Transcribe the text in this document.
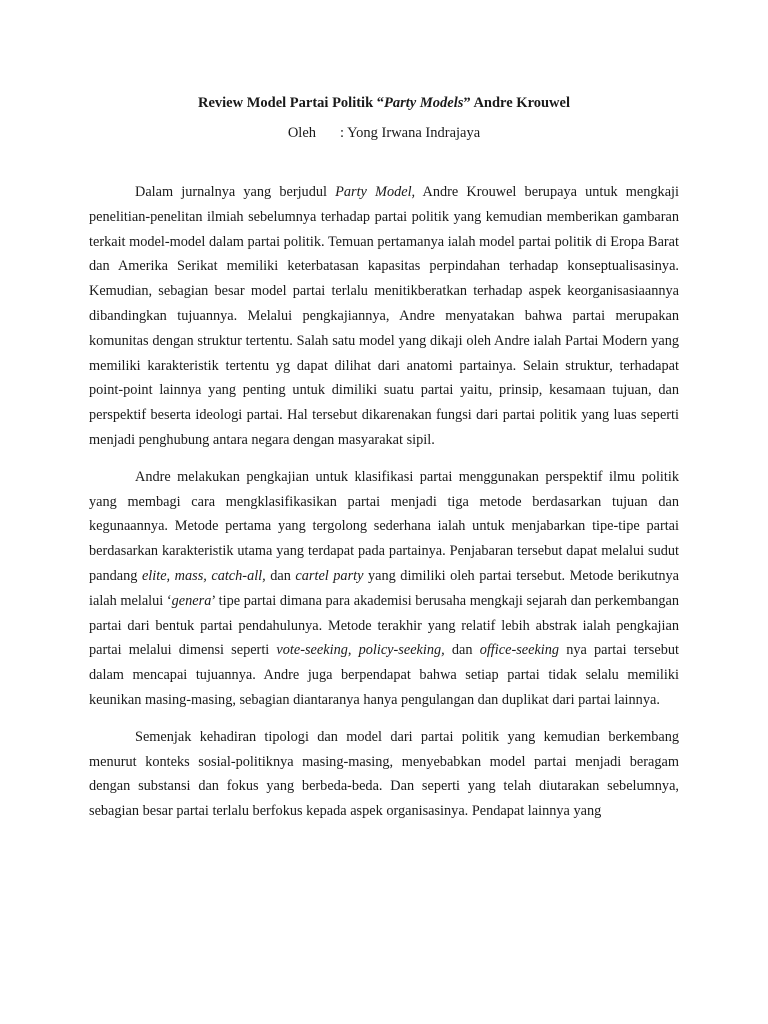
Review Model Partai Politik “Party Models” Andre Krouwel
Oleh : Yong Irwana Indrajaya

Dalam jurnalnya yang berjudul Party Model, Andre Krouwel berupaya untuk mengkaji penelitian-penelitan ilmiah sebelumnya terhadap partai politik yang kemudian memberikan gambaran terkait model-model dalam partai politik. Temuan pertamanya ialah model partai politik di Eropa Barat dan Amerika Serikat memiliki keterbatasan kapasitas perpindahan terhadap konseptualisasinya. Kemudian, sebagian besar model partai terlalu menitikberatkan terhadap aspek keorganisasiaannya dibandingkan tujuannya. Melalui pengkajiannya, Andre menyatakan bahwa partai merupakan komunitas dengan struktur tertentu. Salah satu model yang dikaji oleh Andre ialah Partai Modern yang memiliki karakteristik tertentu yg dapat dilihat dari anatomi partainya. Selain struktur, terhadapat point-point lainnya yang penting untuk dimiliki suatu partai yaitu, prinsip, kesamaan tujuan, dan perspektif beserta ideologi partai. Hal tersebut dikarenakan fungsi dari partai politik yang luas seperti menjadi penghubung antara negara dengan masyarakat sipil.

Andre melakukan pengkajian untuk klasifikasi partai menggunakan perspektif ilmu politik yang membagi cara mengklasifikasikan partai menjadi tiga metode berdasarkan tujuan dan kegunaannya. Metode pertama yang tergolong sederhana ialah untuk menjabarkan tipe-tipe partai berdasarkan karakteristik utama yang terdapat pada partainya. Penjabaran tersebut dapat melalui sudut pandang elite, mass, catch-all, dan cartel party yang dimiliki oleh partai tersebut. Metode berikutnya ialah melalui ‘genera’ tipe partai dimana para akademisi berusaha mengkaji sejarah dan perkembangan partai dari bentuk partai pendahulunya. Metode terakhir yang relatif lebih abstrak ialah pengkajian partai melalui dimensi seperti vote-seeking, policy-seeking, dan office-seeking nya partai tersebut dalam mencapai tujuannya. Andre juga berpendapat bahwa setiap partai tidak selalu memiliki keunikan masing-masing, sebagian diantaranya hanya pengulangan dan duplikat dari partai lainnya.

Semenjak kehadiran tipologi dan model dari partai politik yang kemudian berkembang menurut konteks sosial-politiknya masing-masing, menyebabkan model partai menjadi beragam dengan substansi dan fokus yang berbeda-beda. Dan seperti yang telah diutarakan sebelumnya, sebagian besar partai terlalu berfokus kepada aspek organisasinya. Pendapat lainnya yang
